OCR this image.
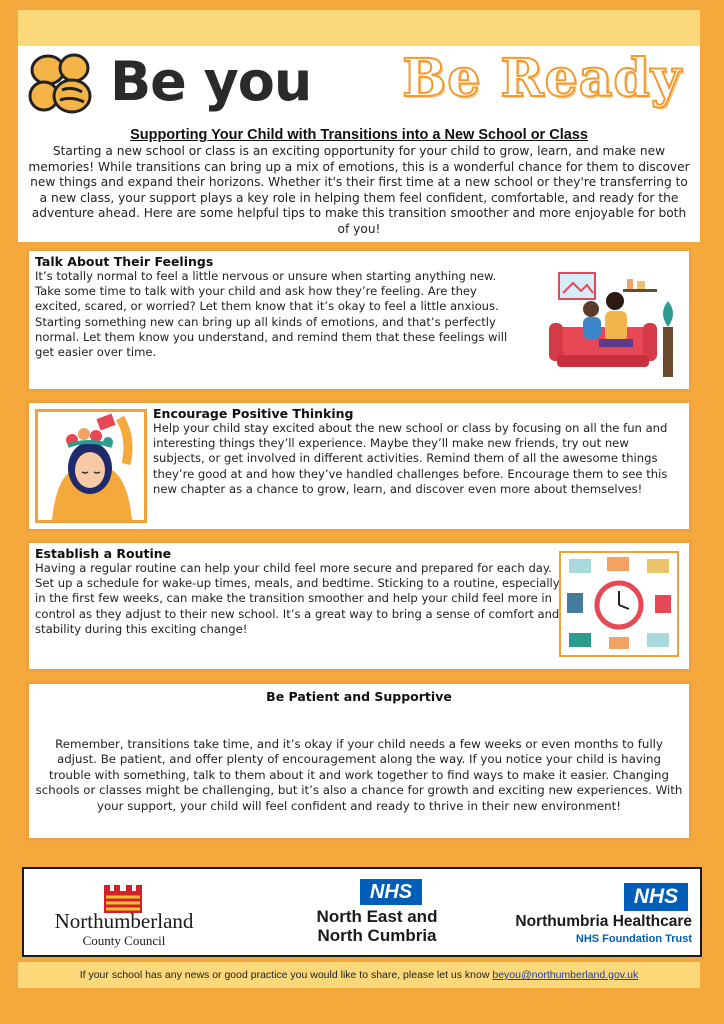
Be you Be Ready
Supporting Your Child with Transitions into a New School or Class

Starting a new school or class is an exciting opportunity for your child to grow, learn, and make new memories! While transitions can bring up a mix of emotions, this is a wonderful chance for them to discover new things and expand their horizons. Whether it's their first time at a new school or they're transferring to a new class, your support plays a key role in helping them feel confident, comfortable, and ready for the adventure ahead. Here are some helpful tips to make this transition smoother and more enjoyable for both of you!

Talk About Their Feelings

It’s totally normal to feel a little nervous or unsure when starting anything new. Take some time to talk with your child and ask how they’re feeling. Are they excited, scared, or worried? Let them know that it’s okay to feel a little anxious. Starting something new can bring up all kinds of emotions, and that’s perfectly normal. Let them know you understand, and remind them that these feelings will get easier over time.

Encourage Positive Thinking

Help your child stay excited about the new school or class by focusing on all the fun and interesting things they’ll experience. Maybe they’ll make new friends, try out new subjects, or get involved in different activities. Remind them of all the awesome things they’re good at and how they’ve handled challenges before. Encourage them to see this new chapter as a chance to grow, learn, and discover even more about themselves!

Establish a Routine

Having a regular routine can help your child feel more secure and prepared for each day. Set up a schedule for wake-up times, meals, and bedtime. Sticking to a routine, especially in the first few weeks, can make the transition smoother and help your child feel more in control as they adjust to their new school. It’s a great way to bring a sense of comfort and stability during this exciting change!

Be Patient and Supportive

Remember, transitions take time, and it’s okay if your child needs a few weeks or even months to fully adjust. Be patient, and offer plenty of encouragement along the way. If you notice your child is having trouble with something, talk to them about it and work together to find ways to make it easier. Changing schools or classes might be challenging, but it’s also a chance for growth and exciting new experiences. With your support, your child will feel confident and ready to thrive in their new environment!

Northumberland
County Council
NHS
North East and
North Cumbria
NHS
Northumbria Healthcare
NHS Foundation Trust
If your school has any news or good practice you would like to share, please let us know beyou@northumberland.gov.uk
